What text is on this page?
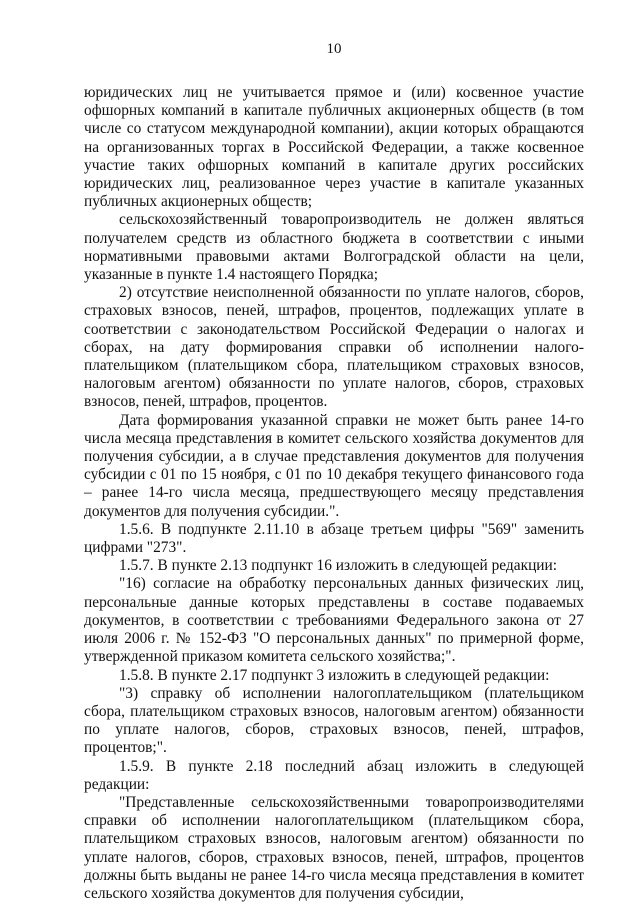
10

юридических лиц не учитывается прямое и (или) косвенное участие офшорных компаний в капитале публичных акционерных обществ (в том числе со статусом международной компании), акции которых обращаются на организованных торгах в Российской Федерации, а также косвенное участие таких офшорных компаний в капитале других российских юридических лиц, реализованное через участие в капитале указанных публичных акционерных обществ;

сельскохозяйственный товаропроизводитель не должен являться получателем средств из областного бюджета в соответствии с иными нормативными правовыми актами Волгоградской области на цели, указанные в пункте 1.4 настоящего Порядка;

2) отсутствие неисполненной обязанности по уплате налогов, сборов, страховых взносов, пеней, штрафов, процентов, подлежащих уплате в соответствии с законодательством Российской Федерации о налогах и сборах, на дату формирования справки об исполнении налого-плательщиком (плательщиком сбора, плательщиком страховых взносов, налоговым агентом) обязанности по уплате налогов, сборов, страховых взносов, пеней, штрафов, процентов.

Дата формирования указанной справки не может быть ранее 14-го числа месяца представления в комитет сельского хозяйства документов для получения субсидии, а в случае представления документов для получения субсидии с 01 по 15 ноября, с 01 по 10 декабря текущего финансового года – ранее 14-го числа месяца, предшествующего месяцу представления документов для получения субсидии.".

1.5.6. В подпункте 2.11.10 в абзаце третьем цифры "569" заменить цифрами "273".

1.5.7. В пункте 2.13 подпункт 16 изложить в следующей редакции:

"16) согласие на обработку персональных данных физических лиц, персональные данные которых представлены в составе подаваемых документов, в соответствии с требованиями Федерального закона от 27 июля 2006 г. № 152-ФЗ "О персональных данных" по примерной форме, утвержденной приказом комитета сельского хозяйства;".

1.5.8. В пункте 2.17 подпункт 3 изложить в следующей редакции:

"3) справку об исполнении налогоплательщиком (плательщиком сбора, плательщиком страховых взносов, налоговым агентом) обязанности по уплате налогов, сборов, страховых взносов, пеней, штрафов, процентов;".

1.5.9. В пункте 2.18 последний абзац изложить в следующей редакции:

"Представленные сельскохозяйственными товаропроизводителями справки об исполнении налогоплательщиком (плательщиком сбора, плательщиком страховых взносов, налоговым агентом) обязанности по уплате налогов, сборов, страховых взносов, пеней, штрафов, процентов должны быть выданы не ранее 14-го числа месяца представления в комитет сельского хозяйства документов для получения субсидии,
